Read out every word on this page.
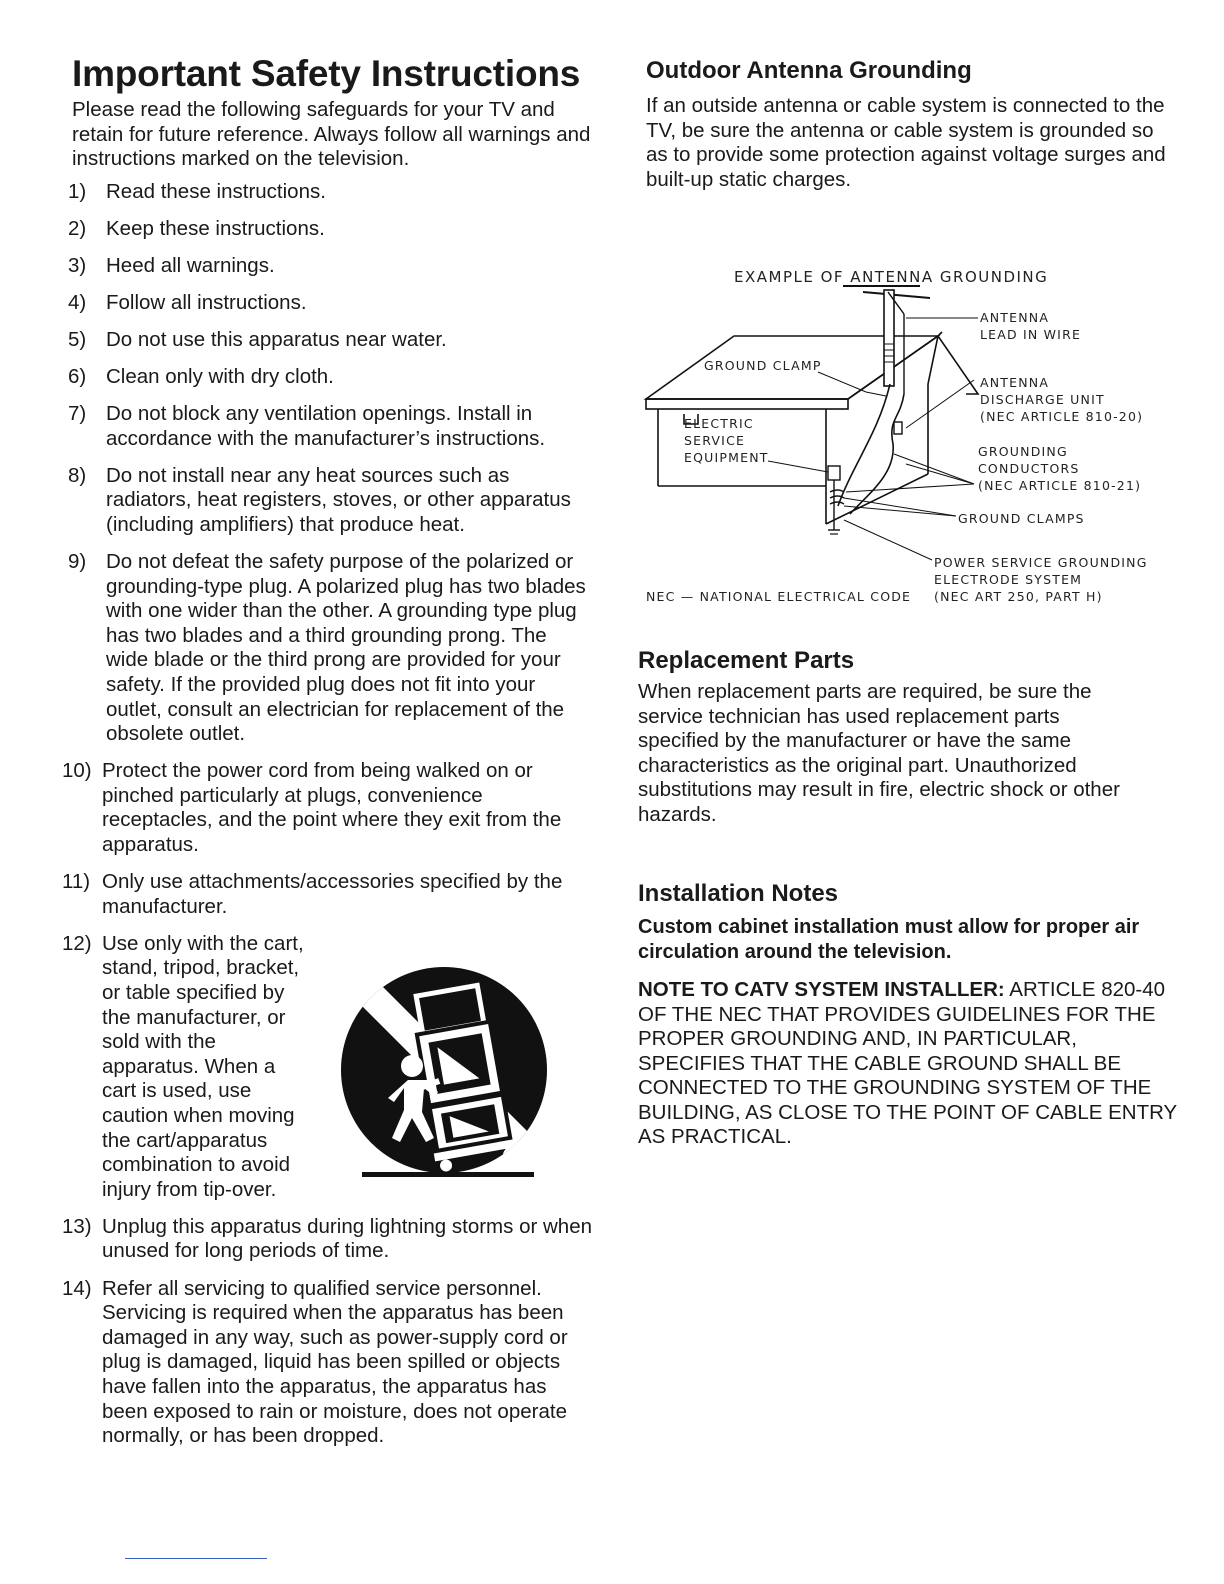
Important Safety Instructions

Please read the following safeguards for your TV and retain for future reference. Always follow all warnings and instructions marked on the television.

1) Read these instructions.
2) Keep these instructions.
3) Heed all warnings.
4) Follow all instructions.
5) Do not use this apparatus near water.
6) Clean only with dry cloth.
7) Do not block any ventilation openings. Install in accordance with the manufacturer’s instructions.
8) Do not install near any heat sources such as radiators, heat registers, stoves, or other apparatus (including amplifiers) that produce heat.
9) Do not defeat the safety purpose of the polarized or grounding-type plug. A polarized plug has two blades with one wider than the other. A grounding type plug has two blades and a third grounding prong. The wide blade or the third prong are provided for your safety. If the provided plug does not fit into your outlet, consult an electrician for replacement of the obsolete outlet.
10) Protect the power cord from being walked on or pinched particularly at plugs, convenience receptacles, and the point where they exit from the apparatus.
11) Only use attachments/accessories specified by the manufacturer.
12) Use only with the cart, stand, tripod, bracket, or table specified by the manufacturer, or sold with the apparatus. When a cart is used, use caution when moving the cart/apparatus combination to avoid injury from tip-over.
13) Unplug this apparatus during lightning storms or when unused for long periods of time.
14) Refer all servicing to qualified service personnel. Servicing is required when the apparatus has been damaged in any way, such as power-supply cord or plug is damaged, liquid has been spilled or objects have fallen into the apparatus, the apparatus has been exposed to rain or moisture, does not operate normally, or has been dropped.
Outdoor Antenna Grounding

If an outside antenna or cable system is connected to the TV, be sure the antenna or cable system is grounded so as to provide some protection against voltage surges and built-up static charges.

EXAMPLE OF ANTENNA GROUNDING
ANTENNA
LEAD IN WIRE
GROUND CLAMP
ANTENNA
DISCHARGE UNIT
(NEC ARTICLE 810-20)
ELECTRIC
SERVICE
EQUIPMENT	GROUNDING
CONDUCTORS
(NEC ARTICLE 810-21)
GROUND CLAMPS
POWER SERVICE GROUNDING
ELECTRODE SYSTEM
(NEC ART 250, PART H)
NEC — NATIONAL ELECTRICAL CODE
Replacement Parts

When replacement parts are required, be sure the service technician has used replacement parts specified by the manufacturer or have the same characteristics as the original part. Unauthorized substitutions may result in fire, electric shock or other hazards.

Installation Notes

Custom cabinet installation must allow for proper air circulation around the television.

NOTE TO CATV SYSTEM INSTALLER: ARTICLE 820-40 OF THE NEC THAT PROVIDES GUIDELINES FOR THE PROPER GROUNDING AND, IN PARTICULAR, SPECIFIES THAT THE CABLE GROUND SHALL BE CONNECTED TO THE GROUNDING SYSTEM OF THE BUILDING, AS CLOSE TO THE POINT OF CABLE ENTRY AS PRACTICAL.
